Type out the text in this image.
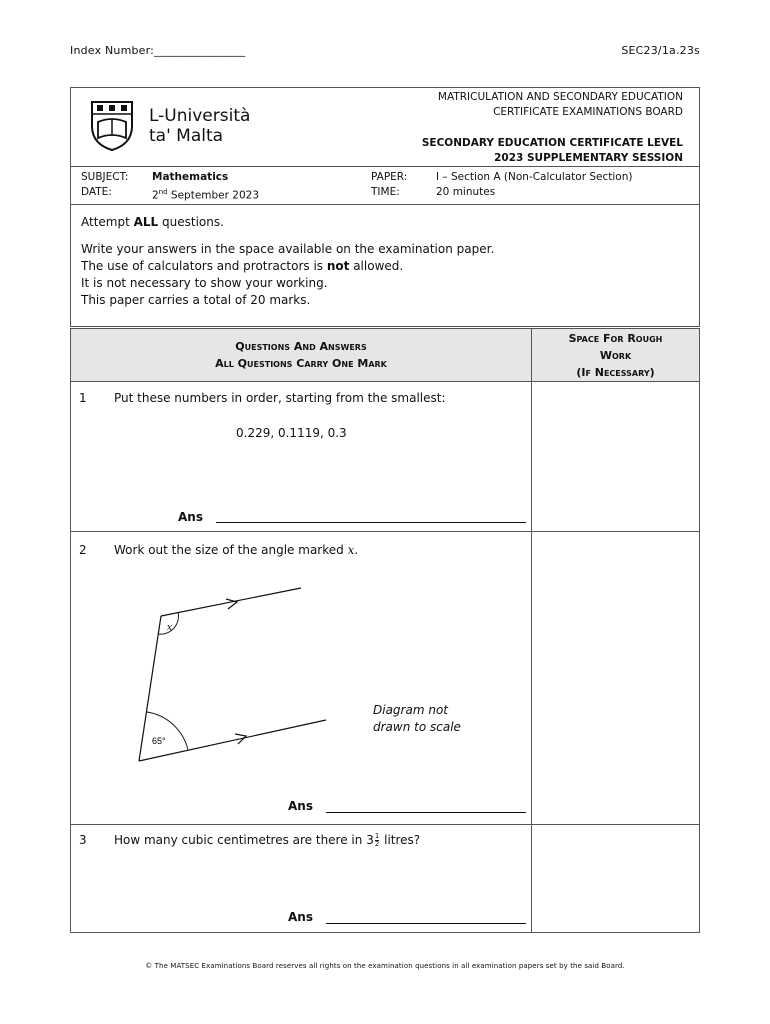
Index Number:________________	SEC23/1a.23s
L-Università
ta' Malta
MATRICULATION AND SECONDARY EDUCATION
CERTIFICATE EXAMINATIONS BOARD
SECONDARY EDUCATION CERTIFICATE LEVEL
2023 SUPPLEMENTARY SESSION
SUBJECT: Mathematics
DATE:	2nd September 2023
PAPER:	I – Section A (Non-Calculator Section)
TIME:	20 minutes
Attempt ALL questions.
Write your answers in the space available on the examination paper.
The use of calculators and protractors is not allowed.
It is not necessary to show your working.
This paper carries a total of 20 marks.
Questions And Answers
All Questions Carry One Mark
Space For Rough
Work
(If Necessary)
1 Put these numbers in order, starting from the smallest:
0.229, 0.1119, 0.3
Ans
2 Work out the size of the angle marked x.
x
65°
Diagram not
drawn to scale
Ans
3 How many cubic centimetres are there in $3 \frac{1}{2}$ litres?
Ans
© The MATSEC Examinations Board reserves all rights on the examination questions in all examination papers set by the said Board.
